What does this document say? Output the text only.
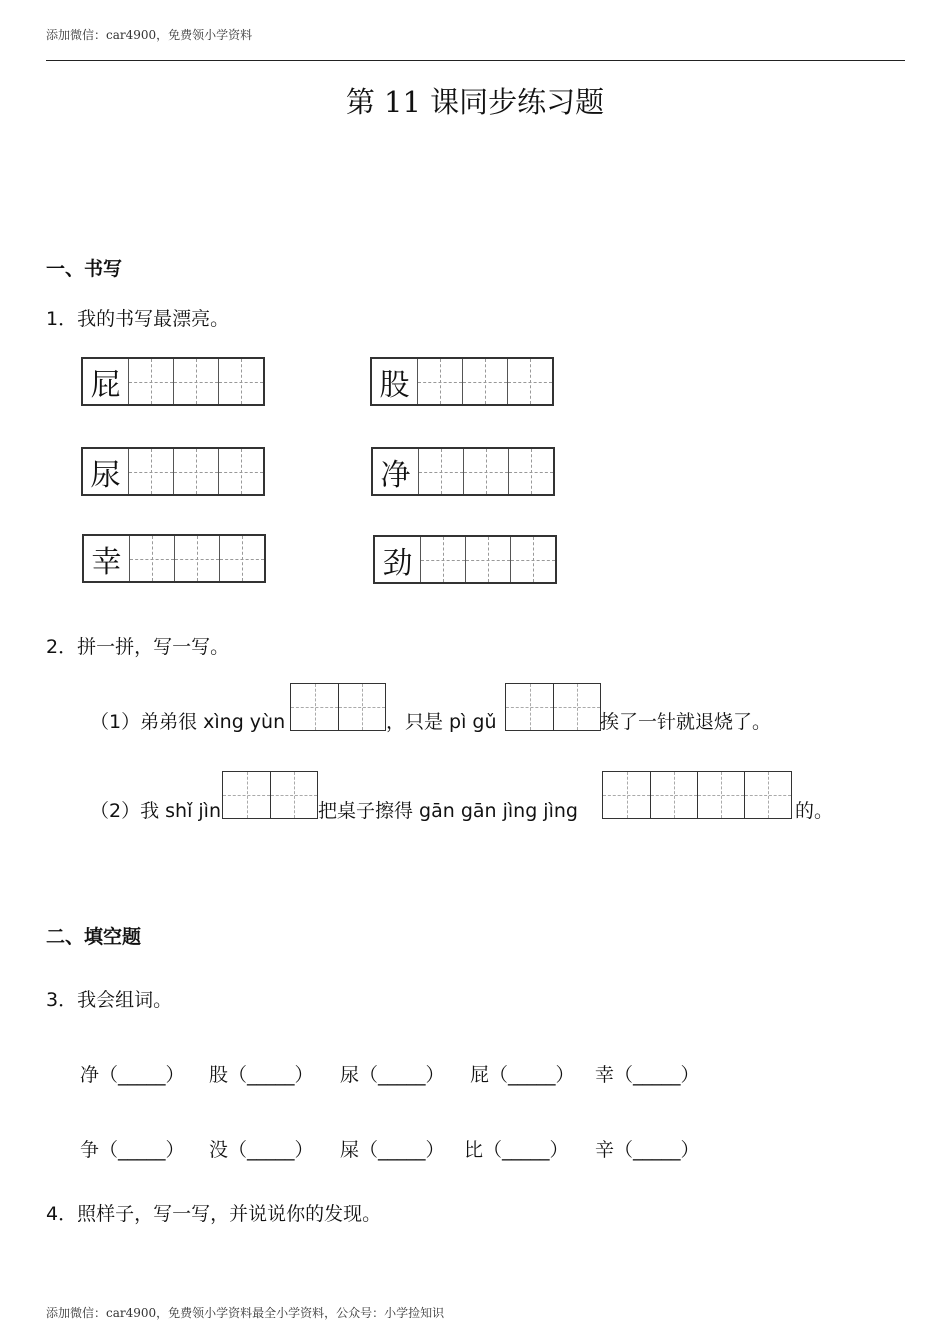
添加微信：car4900，免费领小学资料
第 11 课同步练习题
一、书写
1．我的书写最漂亮。
屁	股
尿	净
幸	劲
2．拼一拼，写一写。
（1）弟弟很 xìng yùn	，只是 pì gǔ	挨了一针就退烧了。
（2）我 shǐ jìn	把桌子擦得 gān gān jìng jìng	的。
二、填空题
3．我会组词。
净（_____） 股（_____） 尿（_____） 屁（_____） 幸（_____）
争（_____） 没（_____） 屎（_____） 比（_____） 辛（_____）
4．照样子，写一写，并说说你的发现。
添加微信：car4900，免费领小学资料最全小学资料，公众号：小学捡知识
